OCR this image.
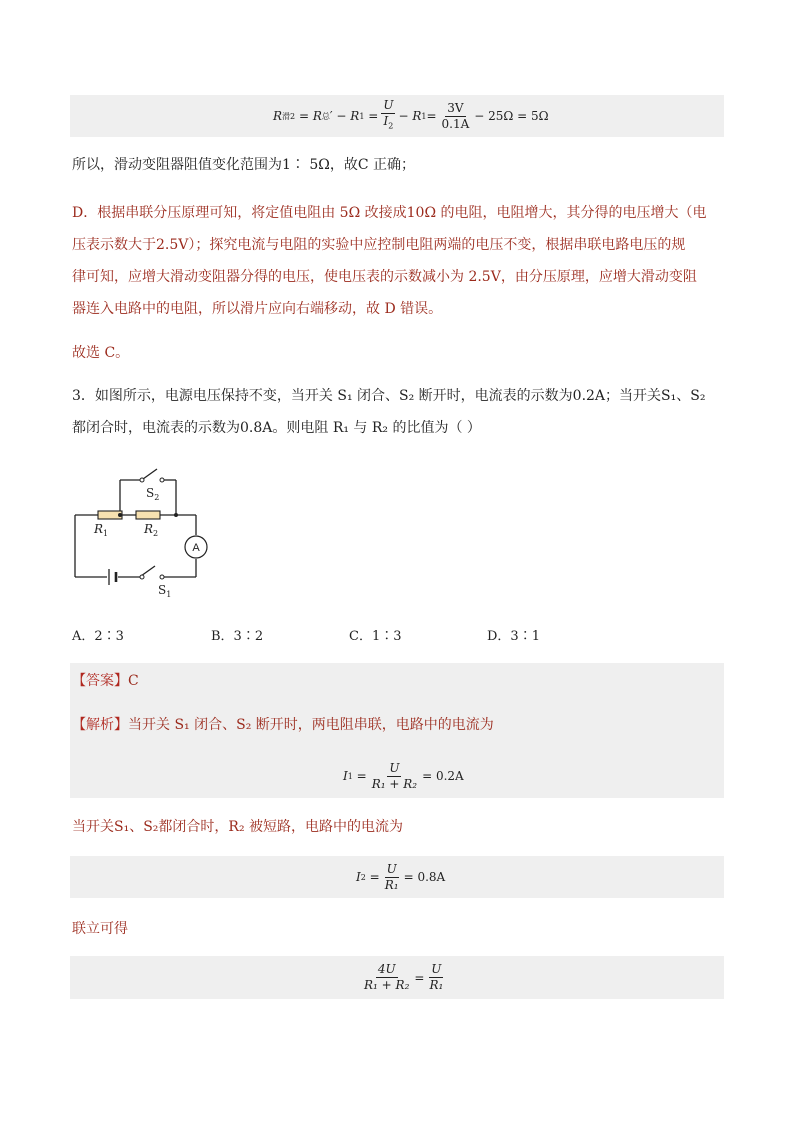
R 滑2 = R 总 ′ − R $1 = \frac{U}{I_2} - R$ $1 = \frac{3V}{0.1A} - 25\Omega = 5\Omega$
所以，滑动变阻器阻值变化范围为1∶ 5Ω，故C 正确；
D．根据串联分压原理可知，将定值电阻由 5Ω 改接成10Ω 的电阻，电阻增大，其分得的电压增大（电
压表示数大于2.5V）；探究电流与电阻的实验中应控制电阻两端的电压不变，根据串联电路电压的规
律可知，应增大滑动变阻器分得的电压，使电压表的示数减小为 2.5V，由分压原理，应增大滑动变阻
器连入电路中的电阻，所以滑片应向右端移动，故 D 错误。
故选 C。
3．如图所示，电源电压保持不变，当开关 S₁ 闭合、S₂ 断开时，电流表的示数为0.2A；当开关S₁、S₂
都闭合时，电流表的示数为0.8A。则电阻 R₁ 与 R₂ 的比值为（ ）
A
$R_1$	$R_2$
$S_2$
$S_1$
A．2∶3	B．3∶2	C．1∶3	D．3∶1
【答案】C
【解析】当开关 S₁ 闭合、S₂ 断开时，两电阻串联，电路中的电流为
I $1 = \frac{U}{\text{R₁ + R₂}} = 0.2A$
当开关S₁、S₂都闭合时，R₂ 被短路，电路中的电流为
I $2 = \frac{U}{\text{R₁}} = 0.8A$
联立可得
$\frac{4U}{\text{R₁ + R₂}} = \frac{U}{\text{R₁}}$
